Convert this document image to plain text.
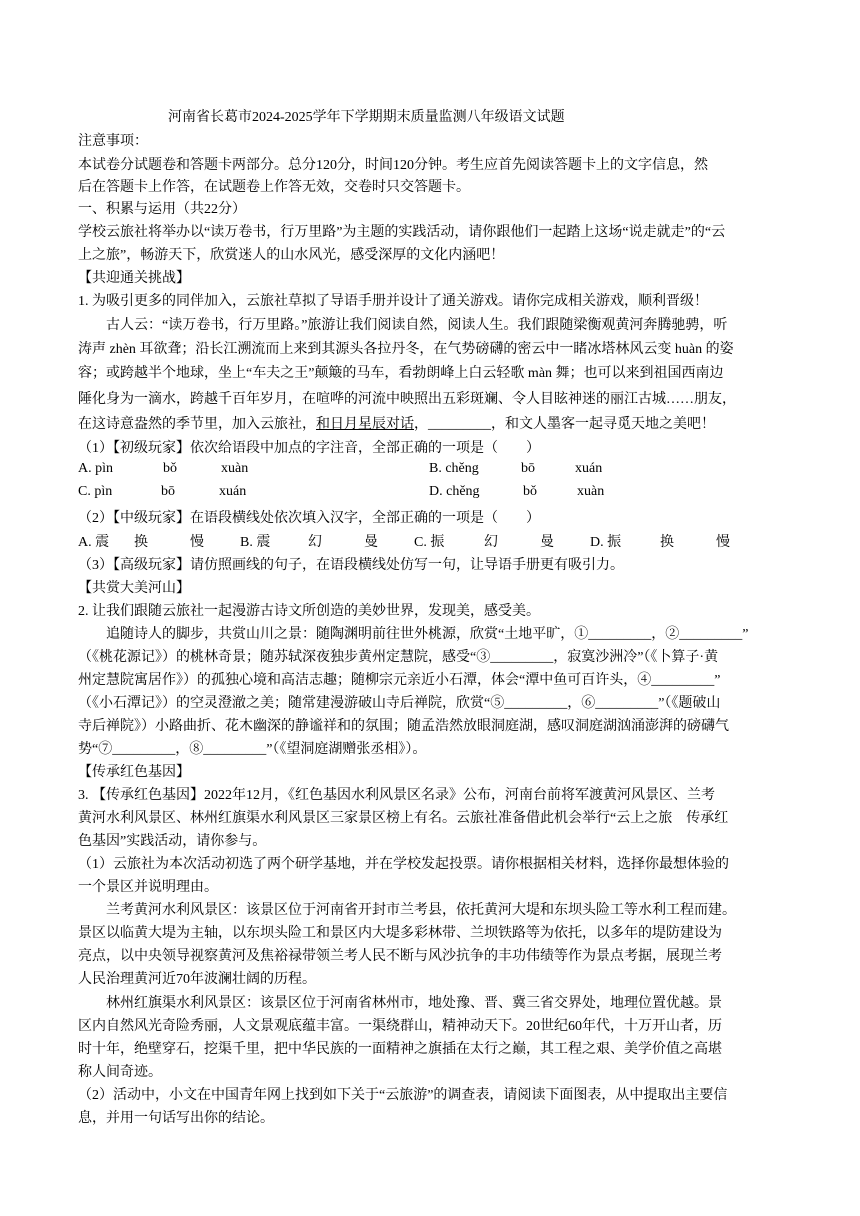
河南省长葛市2024-2025学年下学期期末质量监测八年级语文试题
注意事项：
本试卷分试题卷和答题卡两部分。总分120分，时间120分钟。考生应首先阅读答题卡上的文字信息，然
后在答题卡上作答，在试题卷上作答无效，交卷时只交答题卡。
一、积累与运用（共22分）
学校云旅社将举办以“读万卷书，行万里路”为主题的实践活动，请你跟他们一起踏上这场“说走就走”的“云
上之旅”，畅游天下，欣赏迷人的山水风光，感受深厚的文化内涵吧！
【共迎通关挑战】
1. 为吸引更多的同伴加入，云旅社草拟了导语手册并设计了通关游戏。请你完成相关游戏，顺利晋级！
古人云：“读万卷书，行万里路。”旅游让我们阅读自然，阅读人生。我们跟随梁衡观黄河奔腾驰骋，听
涛声 zhèn 耳欲聋；沿长江溯流而上来到其源头各拉丹冬，在气势磅礴的密云中一睹冰塔林风云变 huàn 的姿
容；或跨越半个地球，坐上“车夫之王”颠簸的马车，看勃朗峰上白云轻歌 màn 舞；也可以来到祖国西南边
陲化身为一滴水，跨越千百年岁月，在喧哗的河流中映照出五彩斑斓、令人目眩神迷的丽江古城……朋友，
在这诗意盎然的季节里，加入云旅社，和日月星辰对话，_________，和文人墨客一起寻觅天地之美吧！
（1）【初级玩家】依次给语段中加点的字注音，全部正确的一项是（　　）
A. pìn	bǒ	xuàn	B. chěng	bō	xuán
C. pìn	bō	xuán	D. chěng	bǒ	xuàn
（2）【中级玩家】在语段横线处依次填入汉字，全部正确的一项是（　　）
A. 震 换	慢	B. 震	幻	曼	C. 振	幻	曼	D. 振	换	慢
（3）【高级玩家】请仿照画线的句子，在语段横线处仿写一句，让导语手册更有吸引力。
【共赏大美河山】
2. 让我们跟随云旅社一起漫游古诗文所创造的美妙世界，发现美，感受美。
追随诗人的脚步，共赏山川之景：随陶渊明前往世外桃源，欣赏“土地平旷，①_________，②_________”
（《桃花源记》）的桃林奇景；随苏轼深夜独步黄州定慧院，感受“③_________，寂寞沙洲冷”（《卜算子·黄
州定慧院寓居作》）的孤独心境和高洁志趣；随柳宗元亲近小石潭，体会“潭中鱼可百许头，④_________”
（《小石潭记》）的空灵澄澈之美；随常建漫游破山寺后禅院，欣赏“⑤_________，⑥_________”（《题破山
寺后禅院》）小路曲折、花木幽深的静谧祥和的氛围；随孟浩然放眼洞庭湖，感叹洞庭湖汹涌澎湃的磅礴气
势“⑦_________，⑧_________”（《望洞庭湖赠张丞相》）。
【传承红色基因】
3. 【传承红色基因】2022年12月，《红色基因水利风景区名录》公布，河南台前将军渡黄河风景区、兰考
黄河水利风景区、林州红旗渠水利风景区三家景区榜上有名。云旅社准备借此机会举行“云上之旅　传承红
色基因”实践活动，请你参与。
（1）云旅社为本次活动初选了两个研学基地，并在学校发起投票。请你根据相关材料，选择你最想体验的
一个景区并说明理由。
兰考黄河水利风景区：该景区位于河南省开封市兰考县，依托黄河大堤和东坝头险工等水利工程而建。
景区以临黄大堤为主轴，以东坝头险工和景区内大堤多彩林带、兰坝铁路等为依托，以多年的堤防建设为
亮点，以中央领导视察黄河及焦裕禄带领兰考人民不断与风沙抗争的丰功伟绩等作为景点考据，展现兰考
人民治理黄河近70年波澜壮阔的历程。
林州红旗渠水利风景区：该景区位于河南省林州市，地处豫、晋、冀三省交界处，地理位置优越。景
区内自然风光奇险秀丽，人文景观底蕴丰富。一渠绕群山，精神动天下。20世纪60年代，十万开山者，历
时十年，绝壁穿石，挖渠千里，把中华民族的一面精神之旗插在太行之巅，其工程之艰、美学价值之高堪
称人间奇迹。
（2）活动中，小文在中国青年网上找到如下关于“云旅游”的调查表，请阅读下面图表，从中提取出主要信
息，并用一句话写出你的结论。
